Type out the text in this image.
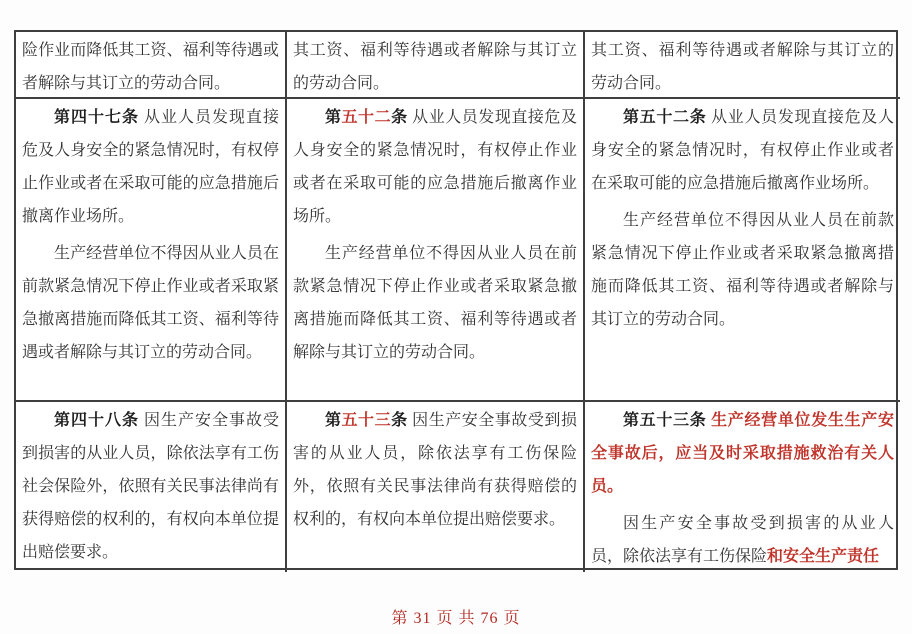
险作业而降低其工资、福利等待遇或者解除与其订立的劳动合同。

其工资、福利等待遇或者解除与其订立的劳动合同。

其工资、福利等待遇或者解除与其订立的劳动合同。

第四十七条 从业人员发现直接危及人身安全的紧急情况时，有权停止作业或者在采取可能的应急措施后撤离作业场所。

生产经营单位不得因从业人员在前款紧急情况下停止作业或者采取紧急撤离措施而降低其工资、福利等待遇或者解除与其订立的劳动合同。

第五十二条 从业人员发现直接危及人身安全的紧急情况时，有权停止作业或者在采取可能的应急措施后撤离作业场所。

生产经营单位不得因从业人员在前款紧急情况下停止作业或者采取紧急撤离措施而降低其工资、福利等待遇或者解除与其订立的劳动合同。

第五十二条 从业人员发现直接危及人身安全的紧急情况时，有权停止作业或者在采取可能的应急措施后撤离作业场所。

生产经营单位不得因从业人员在前款紧急情况下停止作业或者采取紧急撤离措施而降低其工资、福利等待遇或者解除与其订立的劳动合同。

第四十八条 因生产安全事故受到损害的从业人员，除依法享有工伤社会保险外，依照有关民事法律尚有获得赔偿的权利的，有权向本单位提出赔偿要求。

第五十三条 因生产安全事故受到损害的从业人员，除依法享有工伤保险外，依照有关民事法律尚有获得赔偿的权利的，有权向本单位提出赔偿要求。

第五十三条 生产经营单位发生生产安全事故后，应当及时采取措施救治有关人员。

因生产安全事故受到损害的从业人员，除依法享有工伤保险和安全生产责任

第 31 页 共 76 页
